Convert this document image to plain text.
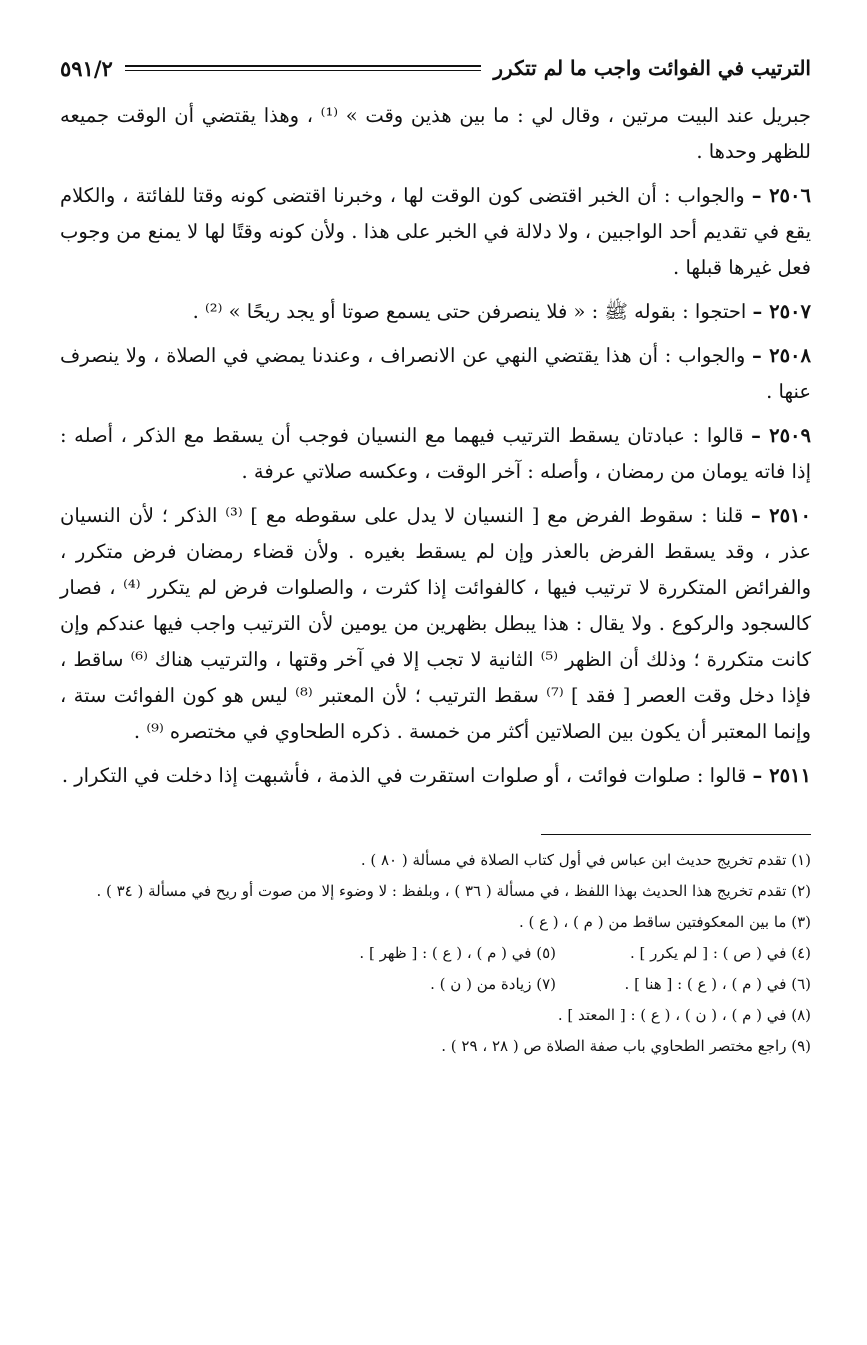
الترتيب في الفوائت واجب ما لم تتكرر
٥٩١/٢

جبريل عند البيت مرتين ، وقال لي : ما بين هذين وقت » ⁽¹⁾ ، وهذا يقتضي أن الوقت جميعه للظهر وحدها .

٢٥٠٦ – والجواب : أن الخبر اقتضى كون الوقت لها ، وخبرنا اقتضى كونه وقتا للفائتة ، والكلام يقع في تقديم أحد الواجبين ، ولا دلالة في الخبر على هذا . ولأن كونه وقتًا لها لا يمنع من وجوب فعل غيرها قبلها .

٢٥٠٧ – احتجوا : بقوله ﷺ : « فلا ينصرفن حتى يسمع صوتا أو يجد ريحًا » ⁽²⁾ .

٢٥٠٨ – والجواب : أن هذا يقتضي النهي عن الانصراف ، وعندنا يمضي في الصلاة ، ولا ينصرف عنها .

٢٥٠٩ – قالوا : عبادتان يسقط الترتيب فيهما مع النسيان فوجب أن يسقط مع الذكر ، أصله : إذا فاته يومان من رمضان ، وأصله : آخر الوقت ، وعكسه صلاتي عرفة .

٢٥١٠ – قلنا : سقوط الفرض مع [ النسيان لا يدل على سقوطه مع ] ⁽³⁾ الذكر ؛ لأن النسيان عذر ، وقد يسقط الفرض بالعذر وإن لم يسقط بغيره . ولأن قضاء رمضان فرض متكرر ، والفرائض المتكررة لا ترتيب فيها ، كالفوائت إذا كثرت ، والصلوات فرض لم يتكرر ⁽⁴⁾ ، فصار كالسجود والركوع . ولا يقال : هذا يبطل بظهرين من يومين لأن الترتيب واجب فيها عندكم وإن كانت متكررة ؛ وذلك أن الظهر ⁽⁵⁾ الثانية لا تجب إلا في آخر وقتها ، والترتيب هناك ⁽⁶⁾ ساقط ، فإذا دخل وقت العصر [ فقد ] ⁽⁷⁾ سقط الترتيب ؛ لأن المعتبر ⁽⁸⁾ ليس هو كون الفوائت ستة ، وإنما المعتبر أن يكون بين الصلاتين أكثر من خمسة . ذكره الطحاوي في مختصره ⁽⁹⁾ .

٢٥١١ – قالوا : صلوات فوائت ، أو صلوات استقرت في الذمة ، فأشبهت إذا دخلت في التكرار .

(١) تقدم تخريج حديث ابن عباس في أول كتاب الصلاة في مسألة ( ٨٠ ) .
(٢) تقدم تخريج هذا الحديث بهذا اللفظ ، في مسألة ( ٣٦ ) ، وبلفظ : لا وضوء إلا من صوت أو ريح في مسألة ( ٣٤ ) .
(٣) ما بين المعكوفتين ساقط من ( م ) ، ( ع ) .
(٤) في ( ص ) : [ لم يكرر ] .
(٥) في ( م ) ، ( ع ) : [ ظهر ] .
(٦) في ( م ) ، ( ع ) : [ هنا ] .
(٧) زيادة من ( ن ) .
(٨) في ( م ) ، ( ن ) ، ( ع ) : [ المعتد ] .
(٩) راجع مختصر الطحاوي باب صفة الصلاة ص ( ٢٨ ، ٢٩ ) .
